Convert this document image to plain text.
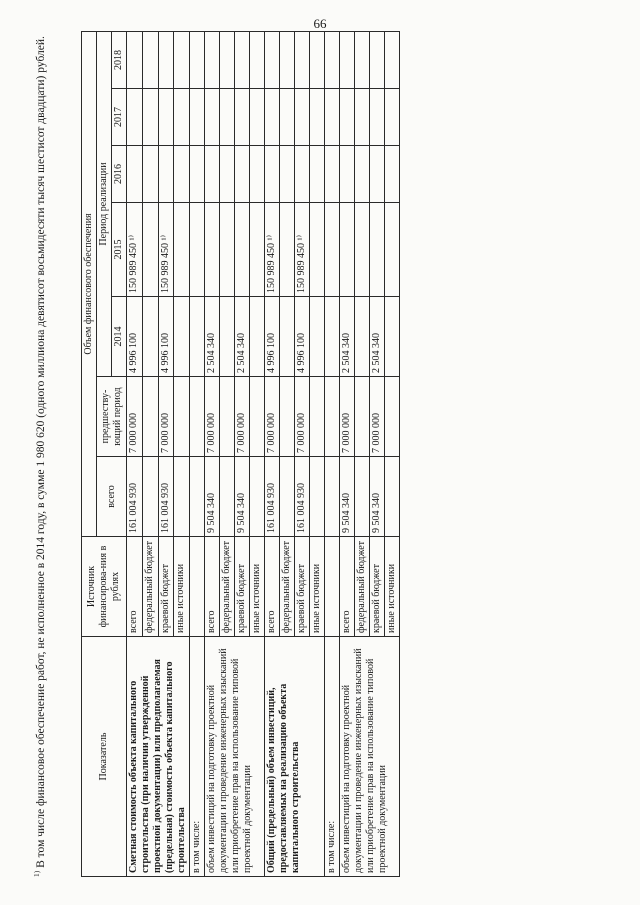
66
$^{1)}$ В том числе финансовое обеспечение работ, не исполненное в 2014 году, в сумме 1 980 620 (одного миллиона девятисот восьмидесяти тысяч шестисот двадцати) рублей.	Показатель	Источник финансирова-ния в рублях	Объем финансового обеспечения						
		всего	предшеству-ющий период	Период реализации				
				2014	2015	2016	2017	2018
Сметная стоимость объекта капитального строительства (при наличии утвержденной проектной документации) или предполагаемая (предельная) стоимость объекта капитального строительства	всего	161 004 930	7 000 000	4 996 100	150 989 450 ¹⁾			
	федеральный бюджет							
	краевой бюджет	161 004 930	7 000 000	4 996 100	150 989 450 ¹⁾			
	иные источники							
в том числе:								
объем инвестиций на подготовку проектной документации и проведение инженерных изысканий или приобретение прав на использование типовой проектной документации	всего	9 504 340	7 000 000	2 504 340				
	федеральный бюджет							
	краевой бюджет	9 504 340	7 000 000	2 504 340				
	иные источники							
Общий (предельный) объем инвестиций, предоставляемых на реализацию объекта капитального строительства	всего	161 004 930	7 000 000	4 996 100	150 989 450 ¹⁾			
	федеральный бюджет							
	краевой бюджет	161 004 930	7 000 000	4 996 100	150 989 450 ¹⁾			
	иные источники							
в том числе:								
объем инвестиций на подготовку проектной документации и проведение инженерных изысканий или приобретение прав на использование типовой проектной документации	всего	9 504 340	7 000 000	2 504 340				
	федеральный бюджет							
	краевой бюджет	9 504 340	7 000 000	2 504 340				
	иные источники							
